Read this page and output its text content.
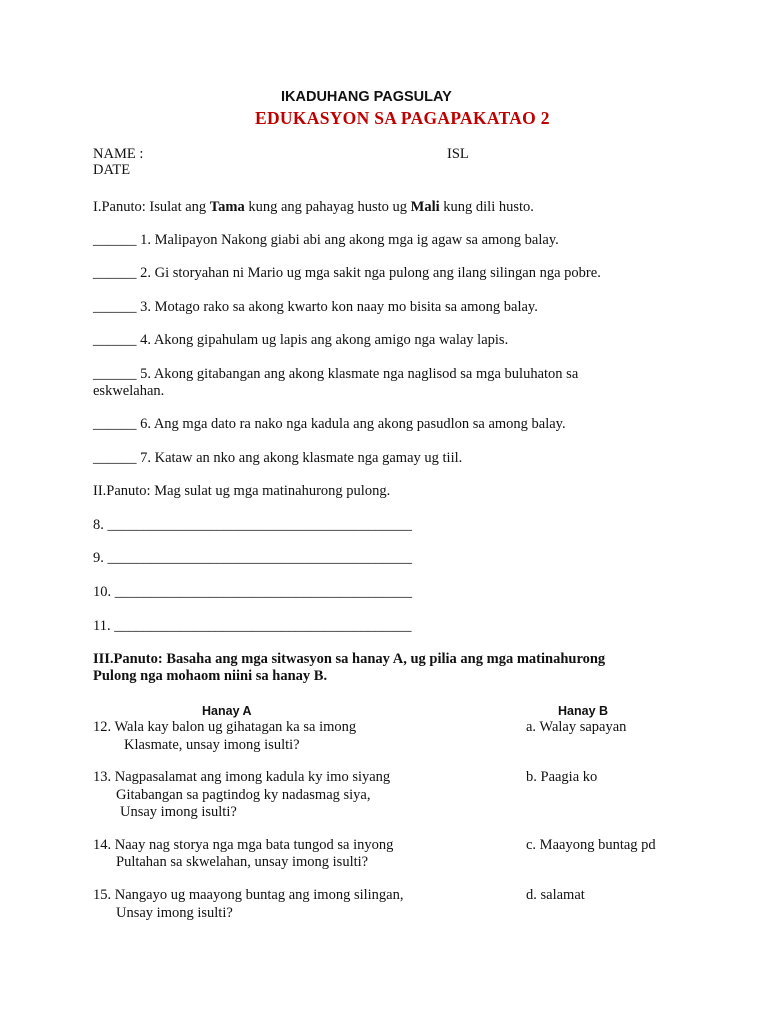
IKADUHANG PAGSULAY
EDUKASYON SA PAGAPAKATAO 2
NAME :	ISL
DATE
I.Panuto: Isulat ang Tama kung ang pahayag husto ug Mali kung dili husto.
______ 1. Malipayon Nakong giabi abi ang akong mga ig agaw sa among balay.
______ 2. Gi storyahan ni Mario ug mga sakit nga pulong ang ilang silingan nga pobre.
______ 3. Motago rako sa akong kwarto kon naay mo bisita sa among balay.
______ 4. Akong gipahulam ug lapis ang akong amigo nga walay lapis.
______ 5. Akong gitabangan ang akong klasmate nga naglisod sa mga buluhaton sa
eskwelahan.
______ 6. Ang mga dato ra nako nga kadula ang akong pasudlon sa among balay.
______ 7. Kataw an nko ang akong klasmate nga gamay ug tiil.
II.Panuto: Mag sulat ug mga matinahurong pulong.
8. __________________________________________
9. __________________________________________
10. _________________________________________
11. _________________________________________
III.Panuto: Basaha ang mga sitwasyon sa hanay A, ug pilia ang mga matinahurong
Pulong nga mohaom niini sa hanay B.
Hanay A	Hanay B
12. Wala kay balon ug gihatagan ka sa imong
Klasmate, unsay imong isulti?
13. Nagpasalamat ang imong kadula ky imo siyang
Gitabangan sa pagtindog ky nadasmag siya,
Unsay imong isulti?
14. Naay nag storya nga mga bata tungod sa inyong
Pultahan sa skwelahan, unsay imong isulti?
15. Nangayo ug maayong buntag ang imong silingan,
Unsay imong isulti?
a. Walay sapayan
b. Paagia ko
c. Maayong buntag pd
d. salamat
